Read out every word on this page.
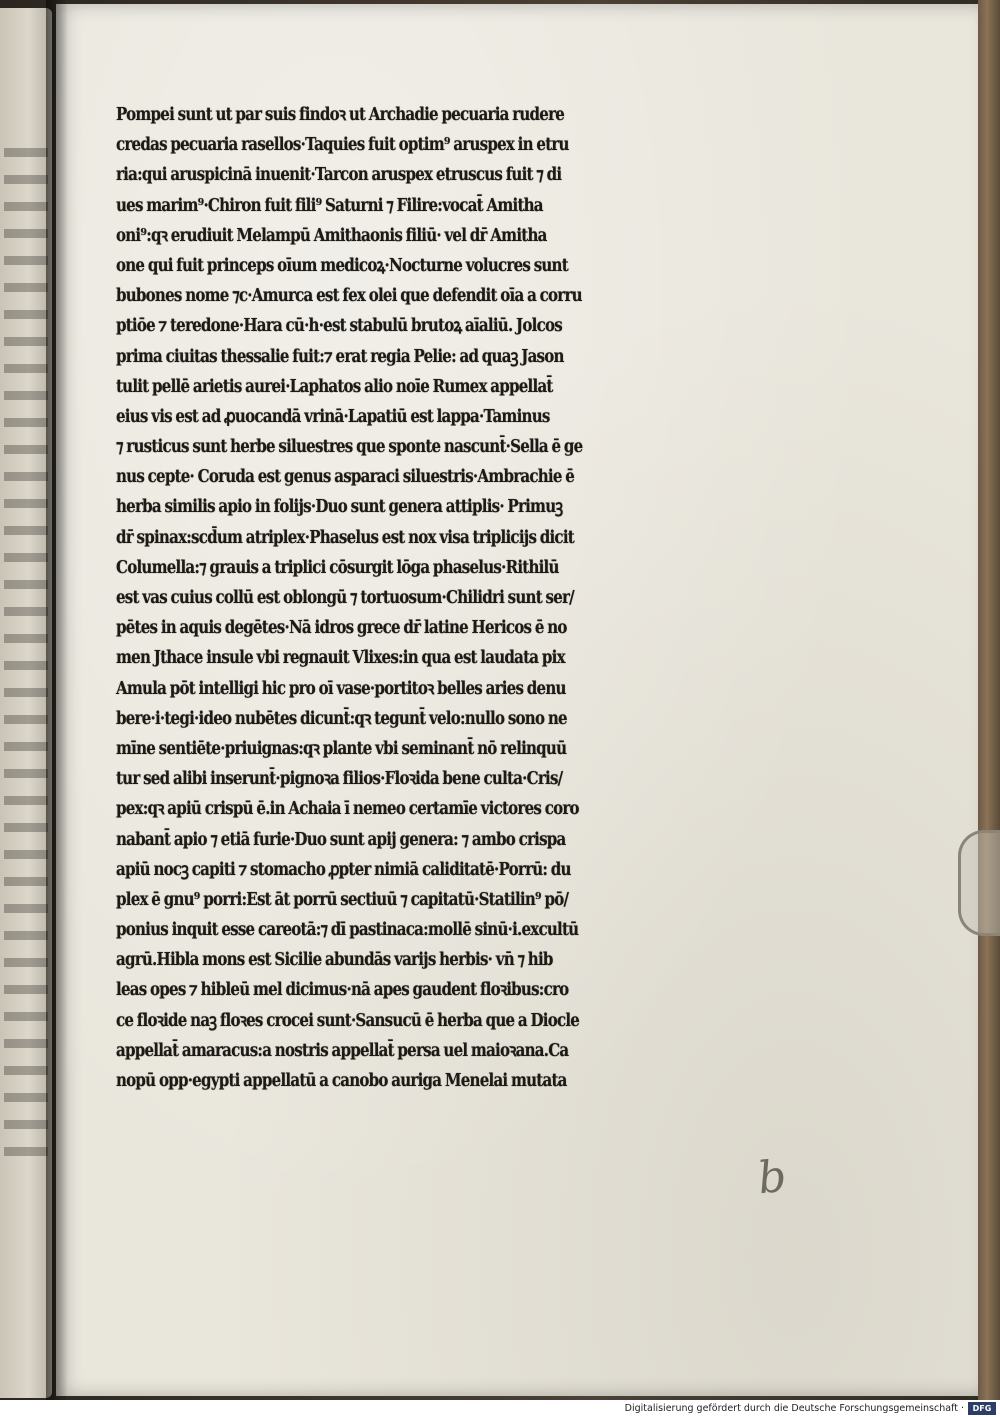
Pompei sunt ut par suis findoꝛ ut Archadie pecuaria rudere
credas pecuaria rasellos·Taquies fuit optim⁹ aruspex in etru
ria:qui aruspicinā inuenit·Tarcon aruspex etruscus fuit ⁊ di
ues marim⁹·Chiron fuit fili⁹ Saturni ⁊ Filire:vocat̄ Amitha
oni⁹:qꝛ erudiuit Melampū Amithaonis filiū· vel dr̄ Amitha
one qui fuit princeps oīum medicoꝝ·Nocturne volucres sunt
bubones nome ⁊c·Amurca est fex olei que defendit oīa a corru
ptiōe ⁊ teredone·Hara cū·h·est stabulū brutoꝝ aīaliū. Jolcos
prima ciuitas thessalie fuit:⁊ erat regia Pelie: ad quaꝫ Jason
tulit pellē arietis aurei·Laphatos alio noīe Rumex appellat̄
eius vis est ad ꝓuocandā vrinā·Lapatiū est lappa·Taminus
⁊ rusticus sunt herbe siluestres que sponte nascunt̄·Sella ē ge
nus cepte· Coruda est genus asparaci siluestris·Ambrachie ē
herba similis apio in folijs·Duo sunt genera attiplis· Primuꝫ
dr̄ spinax:scd̄um atriplex·Phaselus est nox visa triplicijs dicit
Columella:⁊ grauis a triplici cōsurgit lōga phaselus·Rithilū
est vas cuius collū est oblongū ⁊ tortuosum·Chilidri sunt ser/
pētes in aquis degētes·Nā idros grece dr̄ latine Hericos ē no
men Jthace insule vbi regnauit Vlixes:in qua est laudata pix
Amula pōt intelligi hic pro oī vase·portitoꝛ belles aries denu
bere·i·tegi·ideo nubētes dicunt̄:qꝛ tegunt̄ velo:nullo sono ne
mīne sentiēte·priuignas:qꝛ plante vbi seminant̄ nō relinquū
tur sed alibi inserunt̄·pignoꝛa filios·Floꝛida bene culta·Cris/
pex:qꝛ apiū crispū ē.in Achaia ī nemeo certamīe victores coro
nabant̄ apio ⁊ etiā furie·Duo sunt apij genera: ⁊ ambo crispa
apiū nocꝫ capiti ⁊ stomacho ꝓpter nimiā caliditatē·Porrū: du
plex ē gnu⁹ porri:Est āt porrū sectiuū ⁊ capitatū·Statilin⁹ pō/
ponius inquit esse careotā:⁊ dī pastinaca:mollē sinū·i.excultū
agrū.Hibla mons est Sicilie abundās varijs herbis· vn̄ ⁊ hib
leas opes ⁊ hibleū mel dicimus·nā apes gaudent floꝛibus:cro
ce floꝛide naꝫ floꝛes crocei sunt·Sansucū ē herba que a Diocle
appellat̄ amaracus:a nostris appellat̄ persa uel maioꝛana.Ca
nopū opp·egypti appellatū a canobo auriga Menelai mutata
b
Digitalisierung gefördert durch die Deutsche Forschungsgemeinschaft ·	DFG
